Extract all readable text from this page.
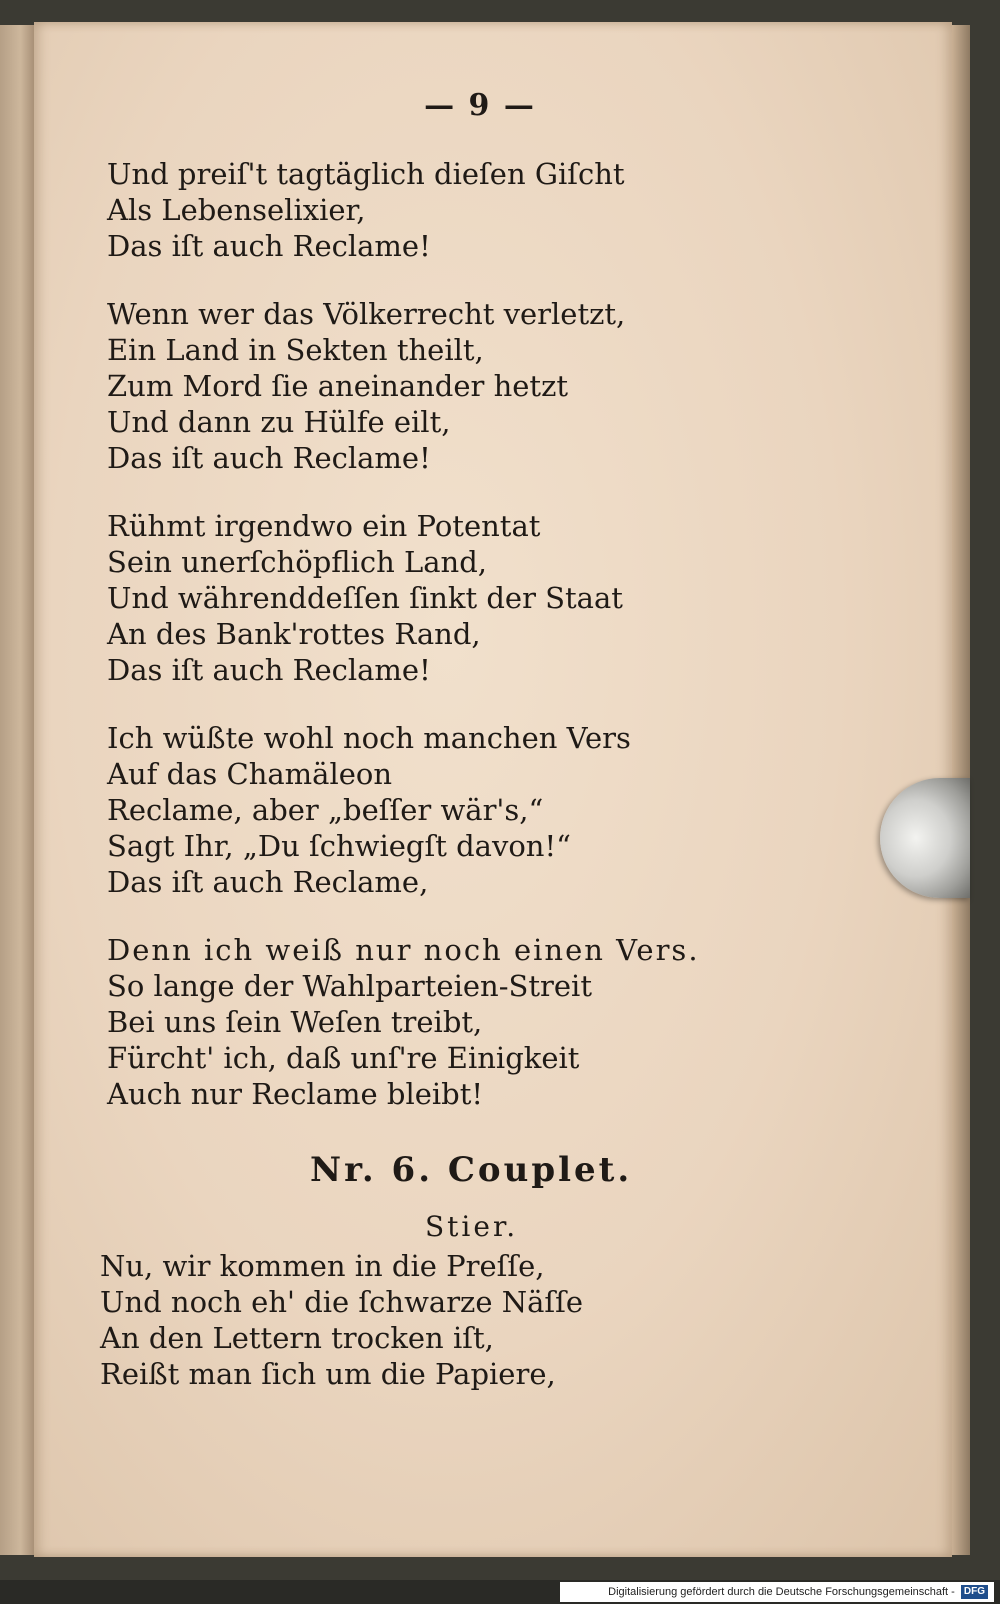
— 9 —
Und preiſ't tagtäglich dieſen Giſcht
Als Lebenselixier,
Das iſt auch Reclame!
Wenn wer das Völkerrecht verletzt,
Ein Land in Sekten theilt,
Zum Mord ſie aneinander hetzt
Und dann zu Hülfe eilt,
Das iſt auch Reclame!
Rühmt irgendwo ein Potentat
Sein unerſchöpflich Land,
Und währenddeſſen ſinkt der Staat
An des Bank'rottes Rand,
Das iſt auch Reclame!
Ich wüßte wohl noch manchen Vers
Auf das Chamäleon
Reclame, aber „beſſer wär's,“
Sagt Ihr, „Du ſchwiegſt davon!“
Das iſt auch Reclame,
Denn ich weiß nur noch einen Vers.
So lange der Wahlparteien-Streit
Bei uns ſein Weſen treibt,
Fürcht' ich, daß unſ're Einigkeit
Auch nur Reclame bleibt!
Nr. 6. Couplet.
Stier.
Nu, wir kommen in die Preſſe,
Und noch eh' die ſchwarze Näſſe
An den Lettern trocken iſt,
Reißt man ſich um die Papiere,
Digitalisierung gefördert durch die Deutsche Forschungsgemeinschaft - DFG
